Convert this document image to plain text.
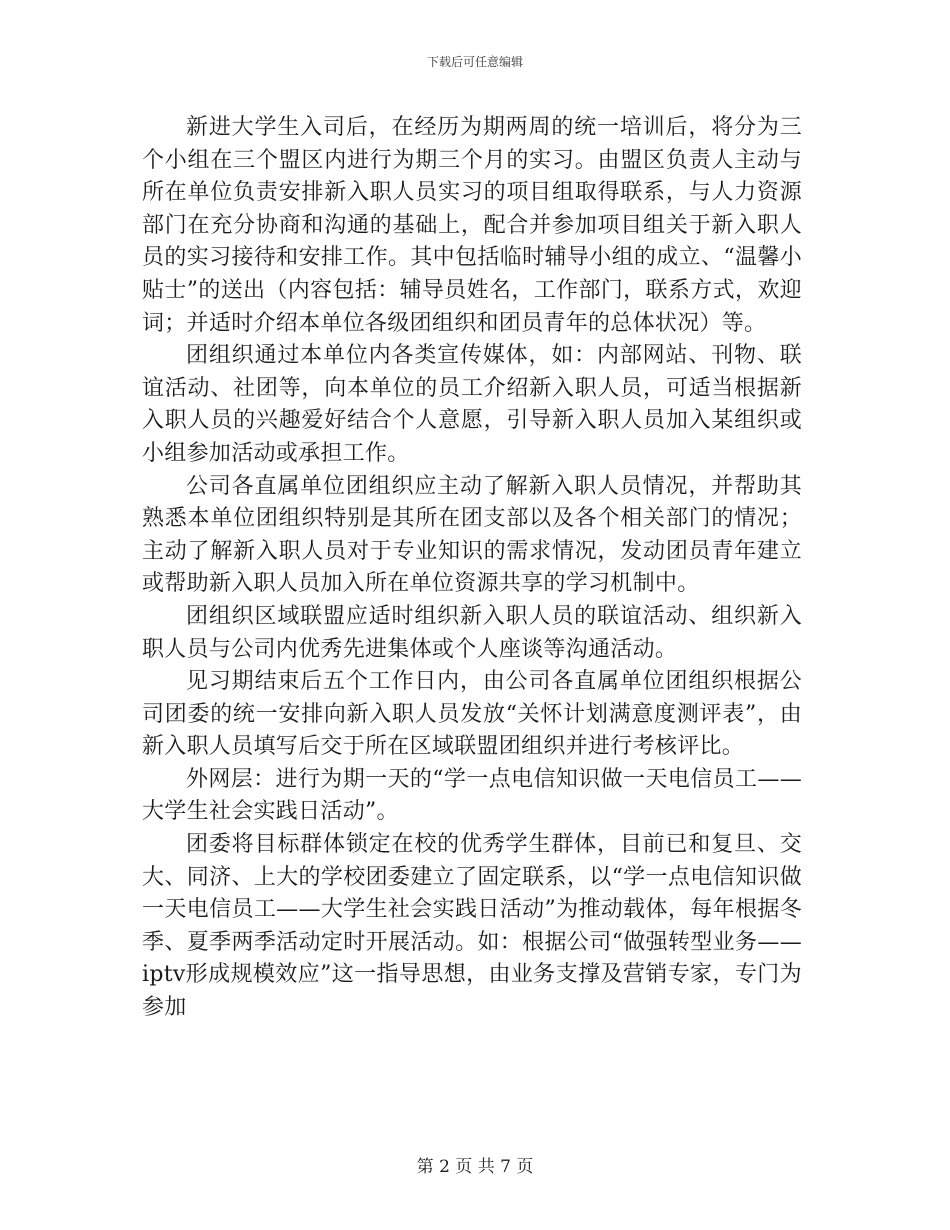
下载后可任意编辑

新进大学生入司后，在经历为期两周的统一培训后，将分为三个小组在三个盟区内进行为期三个月的实习。由盟区负责人主动与所在单位负责安排新入职人员实习的项目组取得联系，与人力资源部门在充分协商和沟通的基础上，配合并参加项目组关于新入职人员的实习接待和安排工作。其中包括临时辅导小组的成立、“温馨小贴士”的送出（内容包括：辅导员姓名，工作部门，联系方式，欢迎词；并适时介绍本单位各级团组织和团员青年的总体状况）等。

团组织通过本单位内各类宣传媒体，如：内部网站、刊物、联谊活动、社团等，向本单位的员工介绍新入职人员，可适当根据新入职人员的兴趣爱好结合个人意愿，引导新入职人员加入某组织或小组参加活动或承担工作。

公司各直属单位团组织应主动了解新入职人员情况，并帮助其熟悉本单位团组织特别是其所在团支部以及各个相关部门的情况；主动了解新入职人员对于专业知识的需求情况，发动团员青年建立或帮助新入职人员加入所在单位资源共享的学习机制中。

团组织区域联盟应适时组织新入职人员的联谊活动、组织新入职人员与公司内优秀先进集体或个人座谈等沟通活动。

见习期结束后五个工作日内，由公司各直属单位团组织根据公司团委的统一安排向新入职人员发放“关怀计划满意度测评表”，由新入职人员填写后交于所在区域联盟团组织并进行考核评比。

外网层：进行为期一天的“学一点电信知识做一天电信员工——大学生社会实践日活动”。

团委将目标群体锁定在校的优秀学生群体，目前已和复旦、交大、同济、上大的学校团委建立了固定联系，以“学一点电信知识做一天电信员工——大学生社会实践日活动”为推动载体，每年根据冬季、夏季两季活动定时开展活动。如：根据公司“做强转型业务——iptv形成规模效应”这一指导思想，由业务支撑及营销专家，专门为参加

第 2 页 共 7 页
